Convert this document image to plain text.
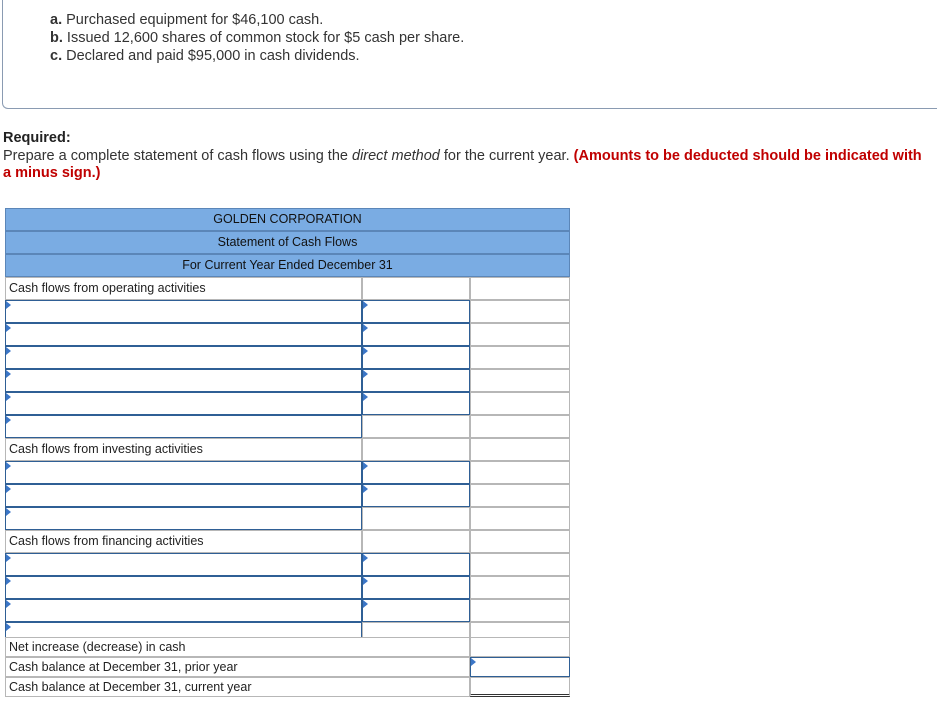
a. Purchased equipment for $46,100 cash.
b. Issued 12,600 shares of common stock for $5 cash per share.
c. Declared and paid $95,000 in cash dividends.
Required:
Prepare a complete statement of cash flows using the direct method for the current year. (Amounts to be deducted should be indicated with a minus sign.)
GOLDEN CORPORATION
Statement of Cash Flows
For Current Year Ended December 31
Cash flows from operating activities
Cash flows from investing activities
Cash flows from financing activities
Net increase (decrease) in cash
Cash balance at December 31, prior year
Cash balance at December 31, current year
